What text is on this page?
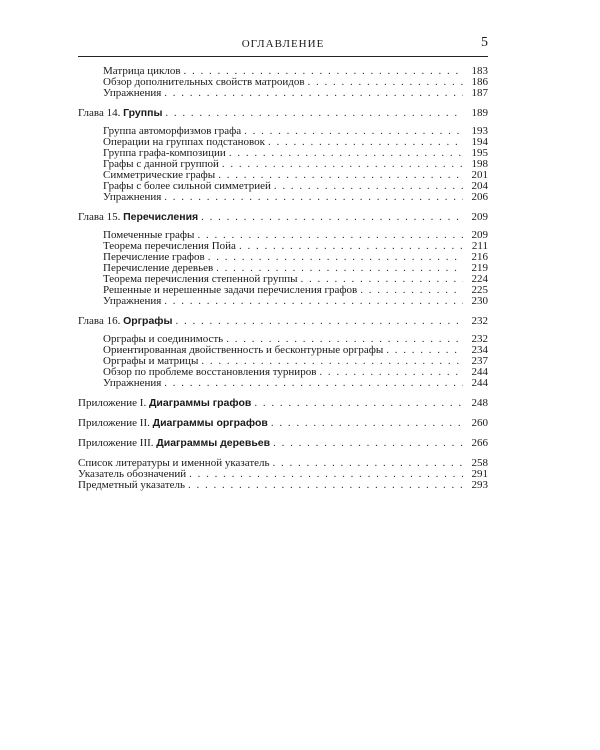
ОГЛАВЛЕНИЕ	5
Матрица циклов . . .	183
Обзор дополнительных свойств матроидов . . .	186
Упражнения . . .	187
Глава 14. Группы . . .	189
Группа автоморфизмов графа . . .	193
Операции на группах подстановок . . .	194
Группа графа-композиции . . .	195
Графы с данной группой . . .	198
Симметрические графы . . .	201
Графы с более сильной симметрией . . .	204
Упражнения . . .	206
Глава 15. Перечисления . . .	209
Помеченные графы . . .	209
Теорема перечисления Пойа . . .	211
Перечисление графов . . .	216
Перечисление деревьев . . .	219
Теорема перечисления степенной группы . . .	224
Решенные и нерешенные задачи перечисления графов . . .	225
Упражнения . . .	230
Глава 16. Орграфы . . .	232
Орграфы и соединимость . . .	232
Ориентированная двойственность и бесконтурные орграфы . . .	234
Орграфы и матрицы . . .	237
Обзор по проблеме восстановления турниров . . .	244
Упражнения . . .	244
Приложение I. Диаграммы графов . . .	248
Приложение II. Диаграммы орграфов . . .	260
Приложение III. Диаграммы деревьев . . .	266
Список литературы и именной указатель . . .	258
Указатель обозначений . . .	291
Предметный указатель . . .	293
